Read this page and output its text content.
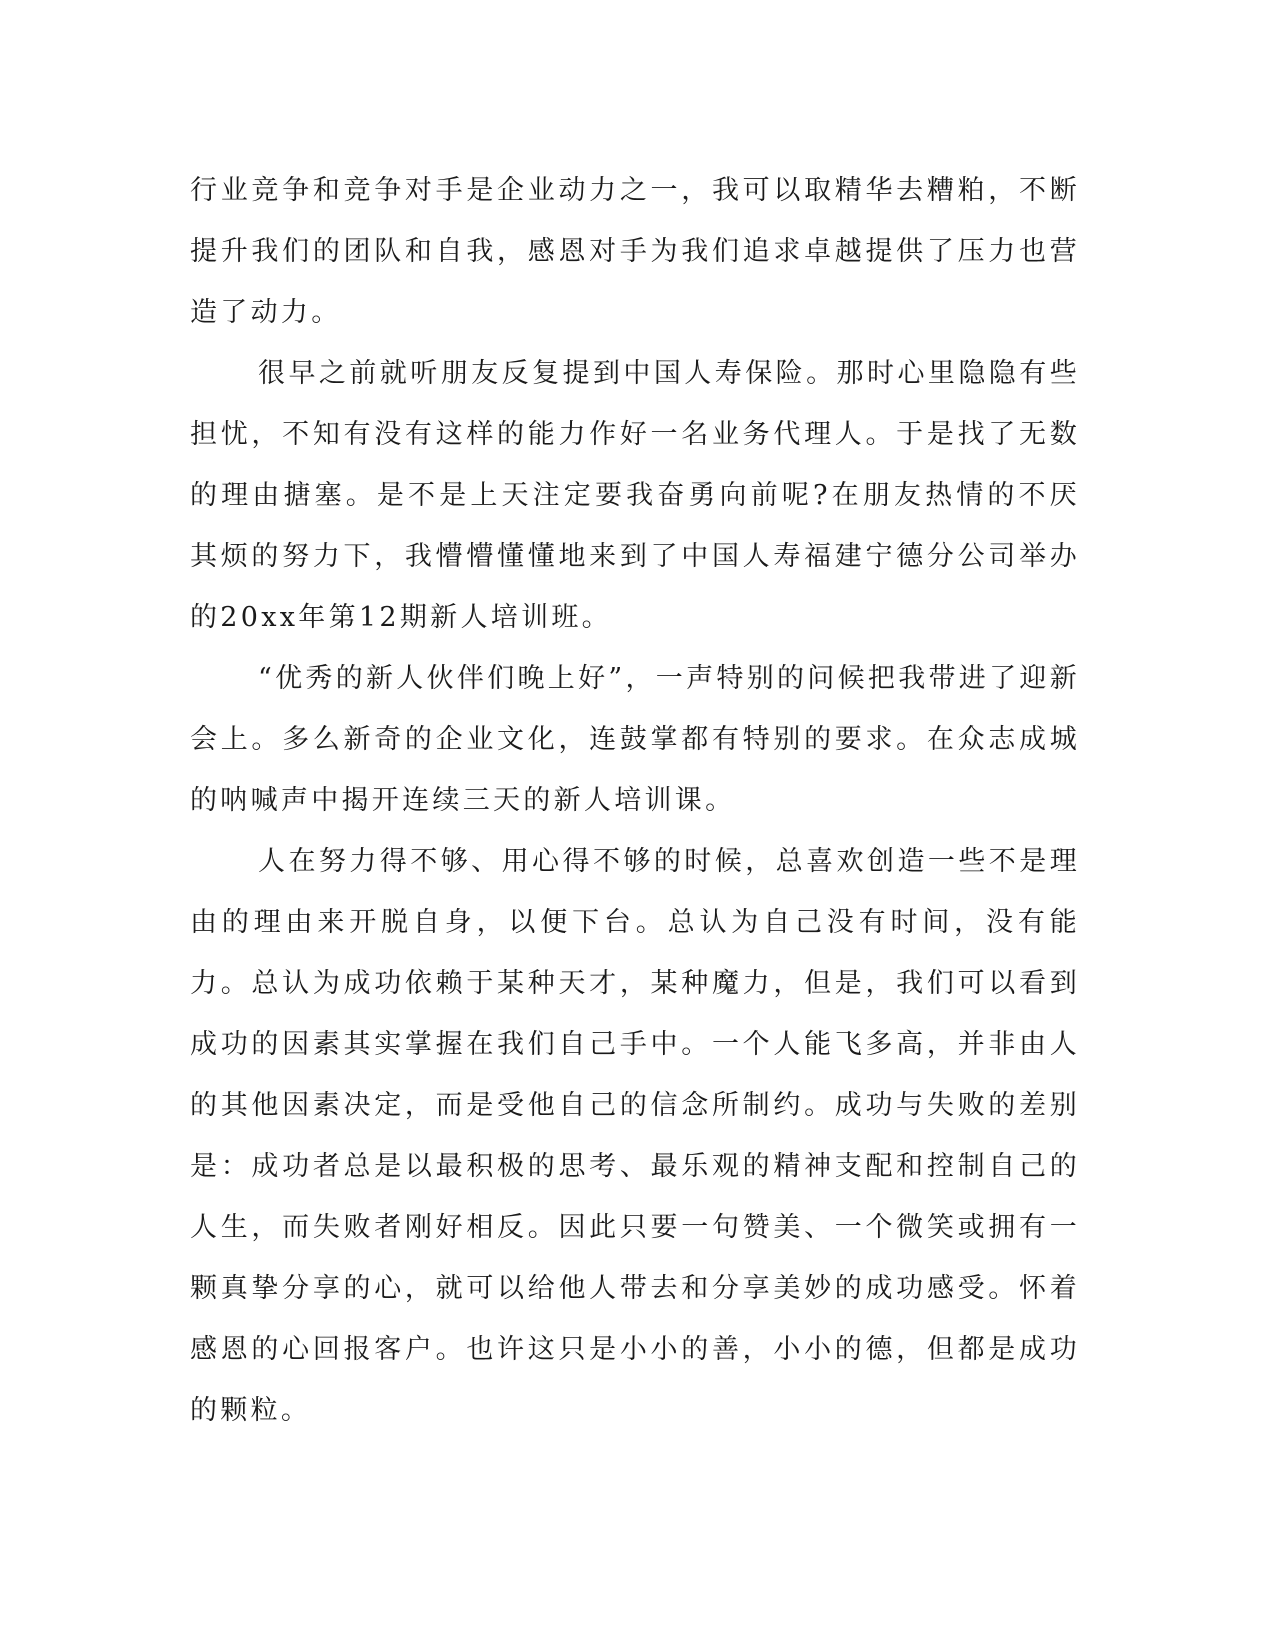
行业竞争和竞争对手是企业动力之一，我可以取精华去糟粕，不断提升我们的团队和自我，感恩对手为我们追求卓越提供了压力也营造了动力。

很早之前就听朋友反复提到中国人寿保险。那时心里隐隐有些担忧，不知有没有这样的能力作好一名业务代理人。于是找了无数的理由搪塞。是不是上天注定要我奋勇向前呢?在朋友热情的不厌其烦的努力下，我懵懵懂懂地来到了中国人寿福建宁德分公司举办的20xx年第12期新人培训班。

“优秀的新人伙伴们晚上好”，一声特别的问候把我带进了迎新会上。多么新奇的企业文化，连鼓掌都有特别的要求。在众志成城的呐喊声中揭开连续三天的新人培训课。

人在努力得不够、用心得不够的时候，总喜欢创造一些不是理由的理由来开脱自身，以便下台。总认为自己没有时间，没有能力。总认为成功依赖于某种天才，某种魔力，但是，我们可以看到成功的因素其实掌握在我们自己手中。一个人能飞多高，并非由人的其他因素决定，而是受他自己的信念所制约。成功与失败的差别是：成功者总是以最积极的思考、最乐观的精神支配和控制自己的人生，而失败者刚好相反。因此只要一句赞美、一个微笑或拥有一颗真挚分享的心，就可以给他人带去和分享美妙的成功感受。怀着感恩的心回报客户。也许这只是小小的善，小小的德，但都是成功的颗粒。
